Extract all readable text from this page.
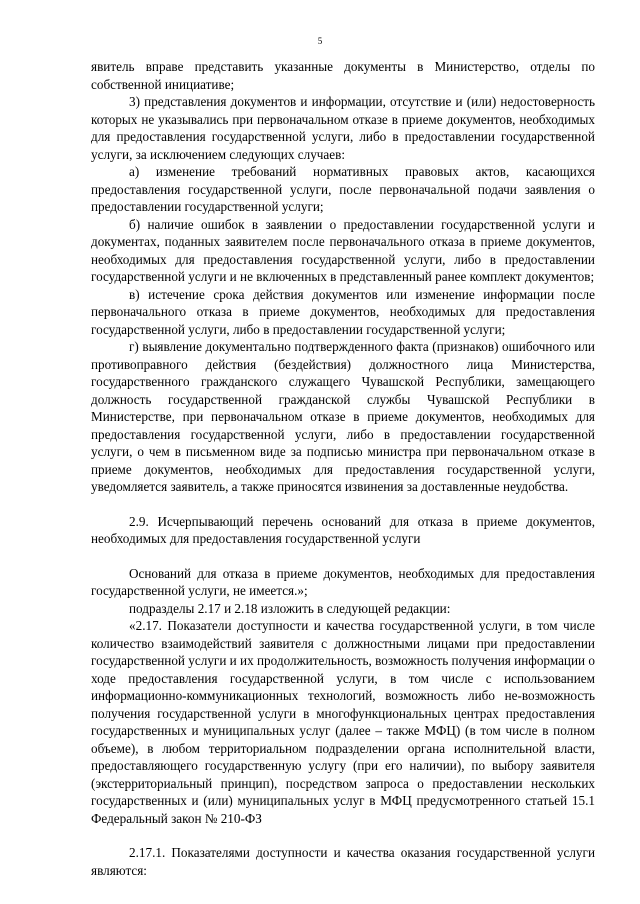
5

явитель вправе представить указанные документы в Министерство, отделы по собственной инициативе;

3) представления документов и информации, отсутствие и (или) недостоверность которых не указывались при первоначальном отказе в приеме документов, необходимых для предоставления государственной услуги, либо в предоставлении государственной услуги, за исключением следующих случаев:

а) изменение требований нормативных правовых актов, касающихся предоставления государственной услуги, после первоначальной подачи заявления о предоставлении государственной услуги;

б) наличие ошибок в заявлении о предоставлении государственной услуги и документах, поданных заявителем после первоначального отказа в приеме документов, необходимых для предоставления государственной услуги, либо в предоставлении государственной услуги и не включенных в представленный ранее комплект документов;

в) истечение срока действия документов или изменение информации после первоначального отказа в приеме документов, необходимых для предоставления государственной услуги, либо в предоставлении государственной услуги;

г) выявление документально подтвержденного факта (признаков) ошибочного или противоправного действия (бездействия) должностного лица Министерства, государственного гражданского служащего Чувашской Республики, замещающего должность государственной гражданской службы Чувашской Республики в Министерстве, при первоначальном отказе в приеме документов, необходимых для предоставления государственной услуги, либо в предоставлении государственной услуги, о чем в письменном виде за подписью министра при первоначальном отказе в приеме документов, необходимых для предоставления государственной услуги, уведомляется заявитель, а также приносятся извинения за доставленные неудобства.

2.9. Исчерпывающий перечень оснований для отказа в приеме документов, необходимых для предоставления государственной услуги

Оснований для отказа в приеме документов, необходимых для предоставления государственной услуги, не имеется.»;

подразделы 2.17 и 2.18 изложить в следующей редакции:

«2.17. Показатели доступности и качества государственной услуги, в том числе количество взаимодействий заявителя с должностными лицами при предоставлении государственной услуги и их продолжительность, возможность получения информации о ходе предоставления государственной услуги, в том числе с использованием информационно-коммуникационных технологий, возможность либо не-возможность получения государственной услуги в многофункциональных центрах предоставления государственных и муниципальных услуг (далее – также МФЦ) (в том числе в полном объеме), в любом территориальном подразделении органа исполнительной власти, предоставляющего государственную услугу (при его наличии), по выбору заявителя (экстерриториальный принцип), посредством запроса о предоставлении нескольких государственных и (или) муниципальных услуг в МФЦ предусмотренного статьей 15.1 Федеральный закон № 210-ФЗ

2.17.1. Показателями доступности и качества оказания государственной услуги являются:
